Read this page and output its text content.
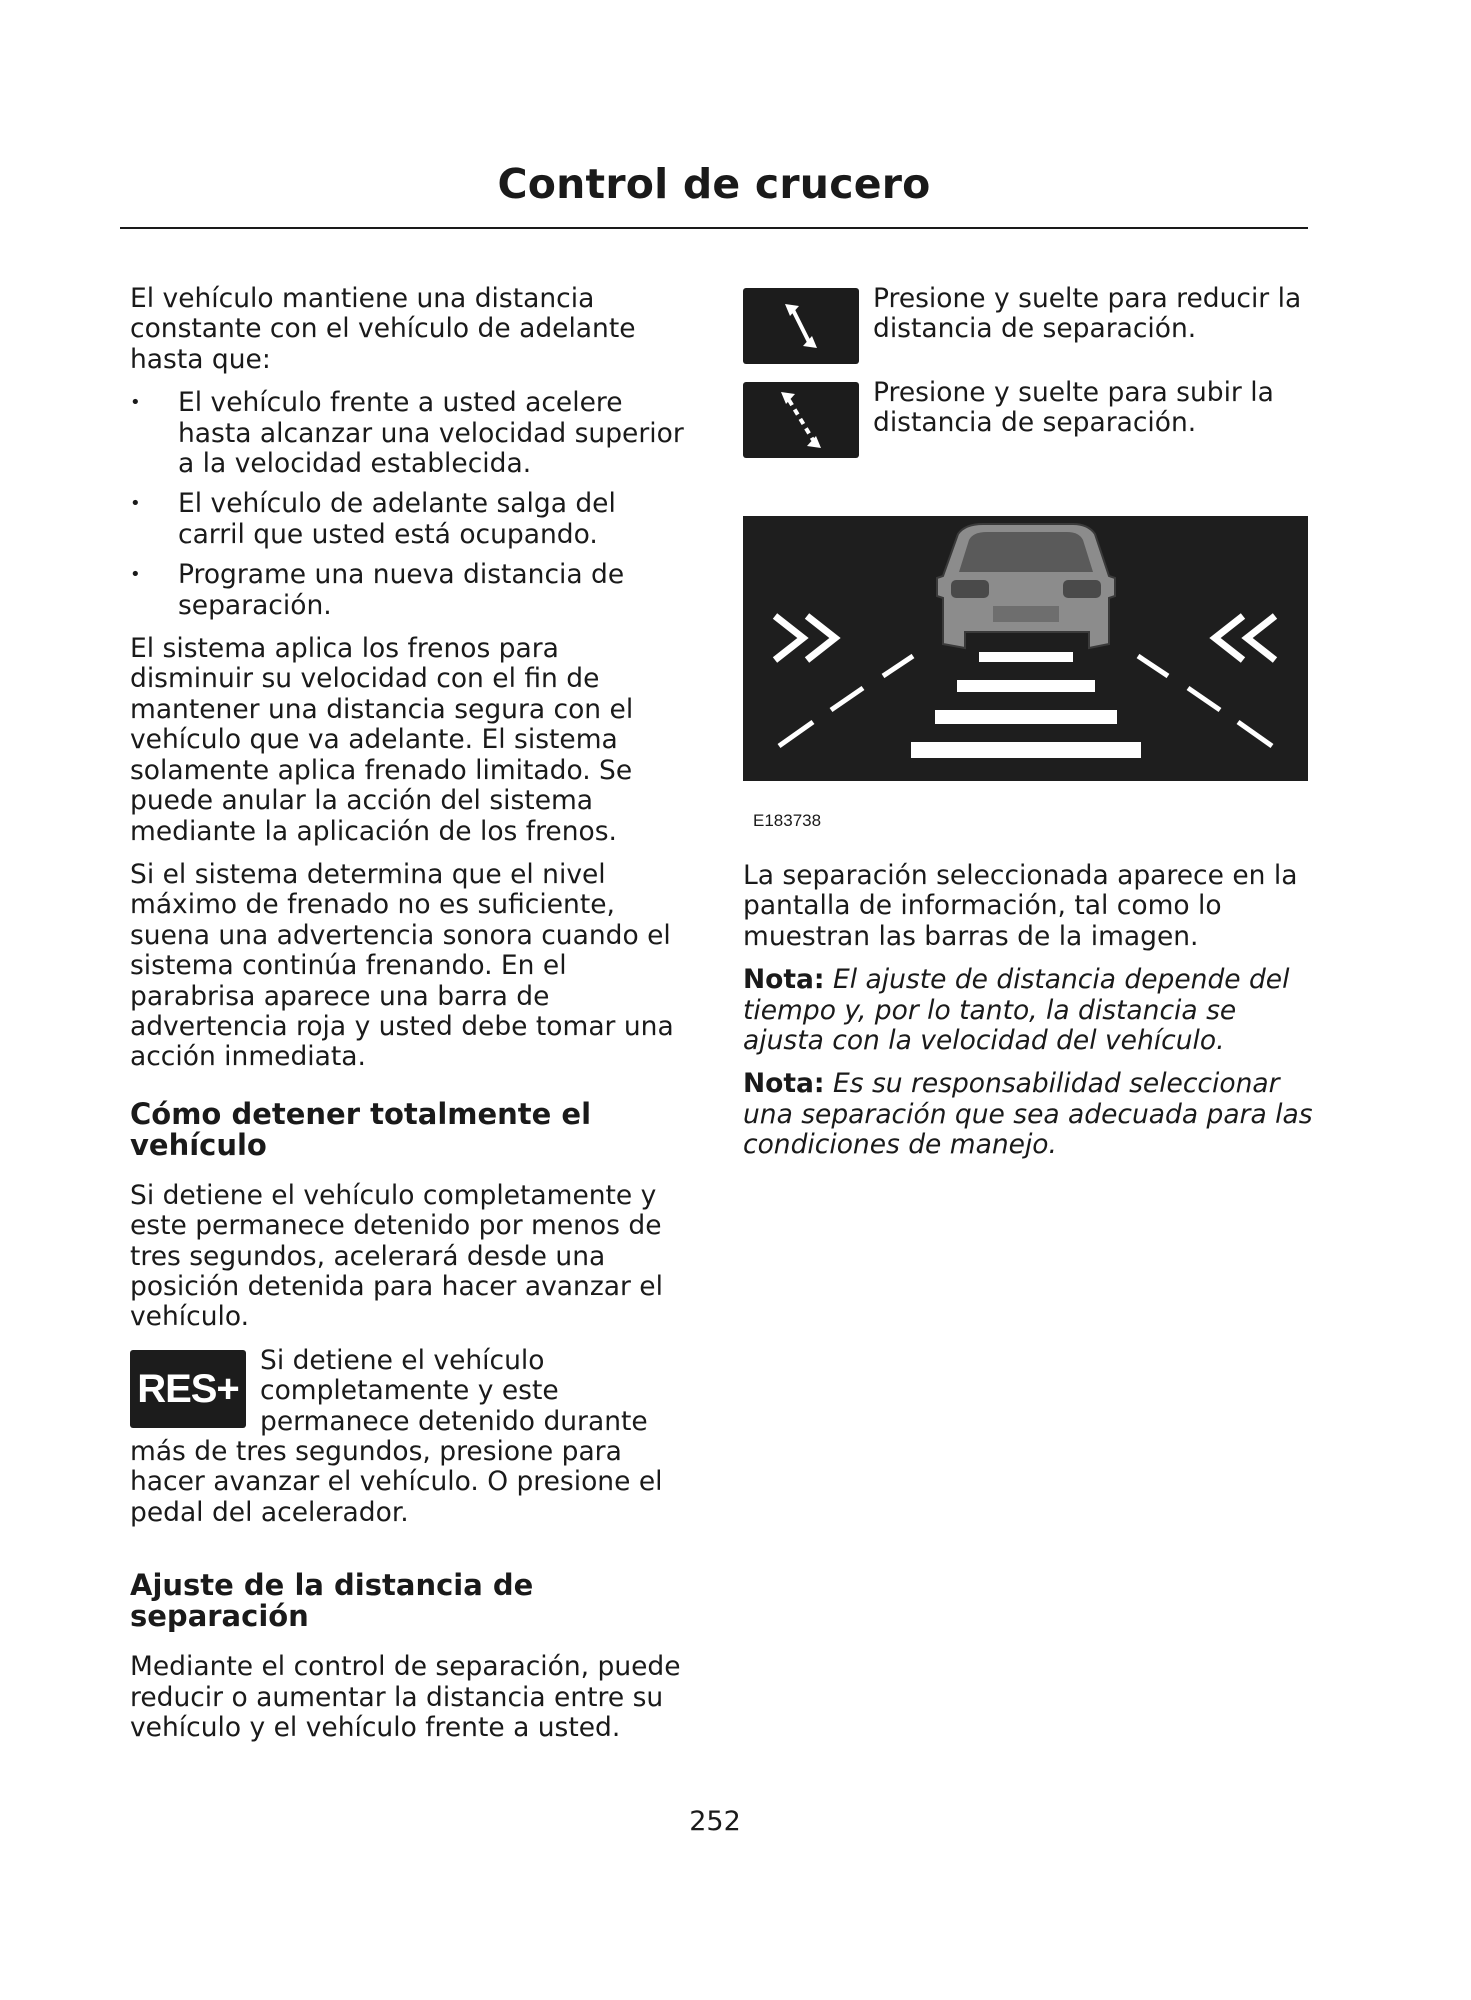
Control de crucero

El vehículo mantiene una distancia constante con el vehículo de adelante hasta que:

• El vehículo frente a usted acelere hasta alcanzar una velocidad superior a la velocidad establecida.
• El vehículo de adelante salga del carril que usted está ocupando.
• Programe una nueva distancia de separación.

El sistema aplica los frenos para disminuir su velocidad con el fin de mantener una distancia segura con el vehículo que va adelante. El sistema solamente aplica frenado limitado. Se puede anular la acción del sistema mediante la aplicación de los frenos.

Si el sistema determina que el nivel máximo de frenado no es suficiente, suena una advertencia sonora cuando el sistema continúa frenando. En el parabrisa aparece una barra de advertencia roja y usted debe tomar una acción inmediata.

Cómo detener totalmente el vehículo

Si detiene el vehículo completamente y este permanece detenido por menos de tres segundos, acelerará desde una posición detenida para hacer avanzar el vehículo.

RES+
Si detiene el vehículo completamente y este permanece detenido durante más de tres segundos, presione para hacer avanzar el vehículo. O presione el pedal del acelerador.
Ajuste de la distancia de separación

Mediante el control de separación, puede reducir o aumentar la distancia entre su vehículo y el vehículo frente a usted.

Presione y suelte para reducir la distancia de separación.
Presione y suelte para subir la distancia de separación.
E183738

La separación seleccionada aparece en la pantalla de información, tal como lo muestran las barras de la imagen.

Nota: El ajuste de distancia depende del tiempo y, por lo tanto, la distancia se ajusta con la velocidad del vehículo.

Nota: Es su responsabilidad seleccionar una separación que sea adecuada para las condiciones de manejo.

252
